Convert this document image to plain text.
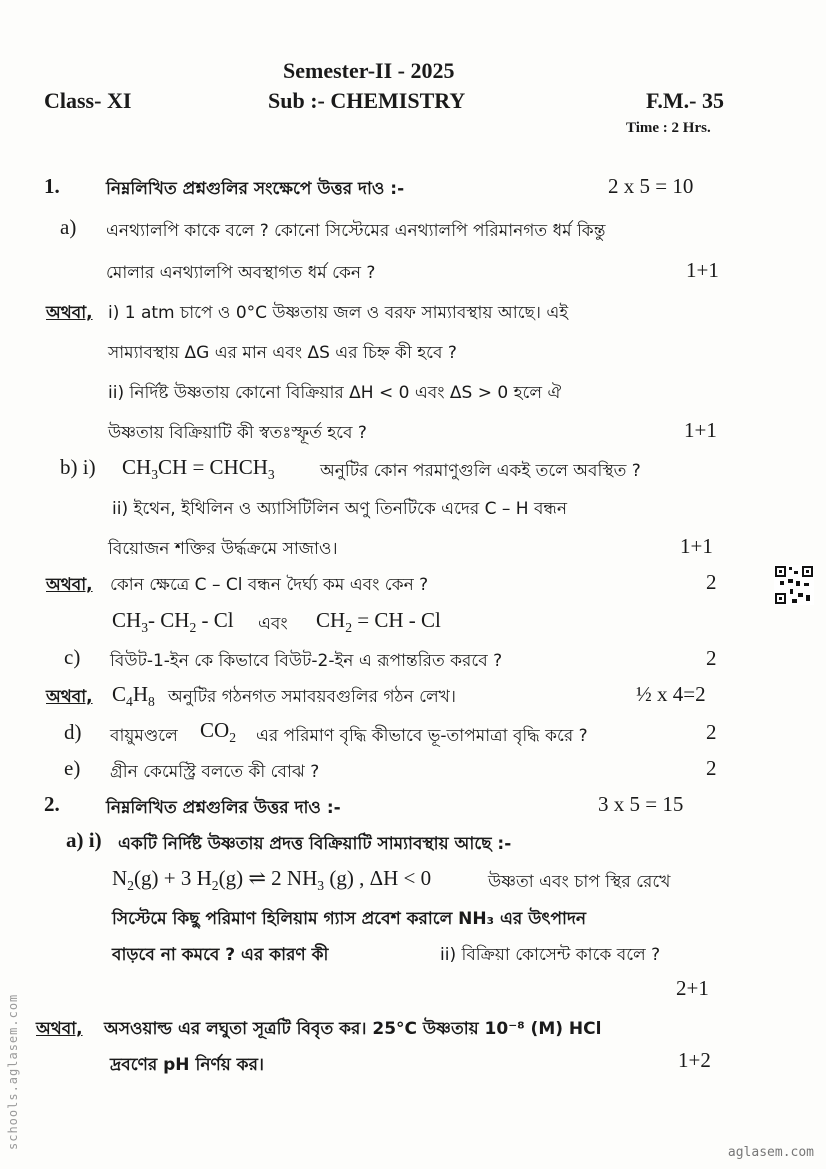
Semester-II - 2025
Class- XI	Sub :- CHEMISTRY	F.M.- 35
Time : 2 Hrs.
1.	নিম্নলিখিত প্রশ্নগুলির সংক্ষেপে উত্তর দাও :-	2 x 5 = 10
a) এনথ্যালপি কাকে বলে ? কোনো সিস্টেমের এনথ্যালপি পরিমানগত ধর্ম কিন্তু
মোলার এনথ্যালপি অবস্থাগত ধর্ম কেন ?	1+1
অথবা, i) 1 atm চাপে ও 0°C উষ্ণতায় জল ও বরফ সাম্যাবস্থায় আছে। এই
সাম্যাবস্থায় ΔG এর মান এবং ΔS এর চিহ্ন কী হবে ?
ii) নির্দিষ্ট উষ্ণতায় কোনো বিক্রিয়ার ΔH < 0 এবং ΔS > 0 হলে ঐ
উষ্ণতায় বিক্রিয়াটি কী স্বতঃস্ফূর্ত হবে ?	1+1
b) i) $CH_3CH$ = $CHCH_3$	অনুটির কোন পরমাণুগুলি একই তলে অবস্থিত ?
ii) ইথেন, ইথিলিন ও অ্যাসিটিলিন অণু তিনটিকে এদের C – H বন্ধন
বিয়োজন শক্তির উর্দ্ধক্রমে সাজাও।	1+1
অথবা, কোন ক্ষেত্রে C – Cl বন্ধন দৈর্ঘ্য কম এবং কেন ?	2
$CH_3-$ $CH_2$ - Cl এবং $CH_2$ = CH - Cl
c) বিউট-1-ইন কে কিভাবে বিউট-2-ইন এ রূপান্তরিত করবে ?	2
অথবা, $C_4H_8$ অনুটির গঠনগত সমাবয়বগুলির গঠন লেখ।	½ x 4=2
d) বায়ুমণ্ডলে $CO_2$ এর পরিমাণ বৃদ্ধি কীভাবে ভূ-তাপমাত্রা বৃদ্ধি করে ?	2
e) গ্রীন কেমেস্ট্রি বলতে কী বোঝ ?	2
2.	নিম্নলিখিত প্রশ্নগুলির উত্তর দাও :-	3 x 5 = 15
a) i) একটি নির্দিষ্ট উষ্ণতায় প্রদত্ত বিক্রিয়াটি সাম্যাবস্থায় আছে :-
$N_2(g) + 3$ $H_2(g)$ ⇌ 2 $NH_3$ (g) , ΔH < 0	উষ্ণতা এবং চাপ স্থির রেখে
সিস্টেমে কিছু পরিমাণ হিলিয়াম গ্যাস প্রবেশ করালে NH₃ এর উৎপাদন
বাড়বে না কমবে ? এর কারণ কী	ii) বিক্রিয়া কোসেন্ট কাকে বলে ?
2+1
অথবা, অসওয়াল্ড এর লঘুতা সূত্রটি বিবৃত কর। 25°C উষ্ণতায় 10⁻⁸ (M) HCl
দ্রবণের pH নির্ণয় কর।	1+2
schools.aglasem.com
aglasem.com
